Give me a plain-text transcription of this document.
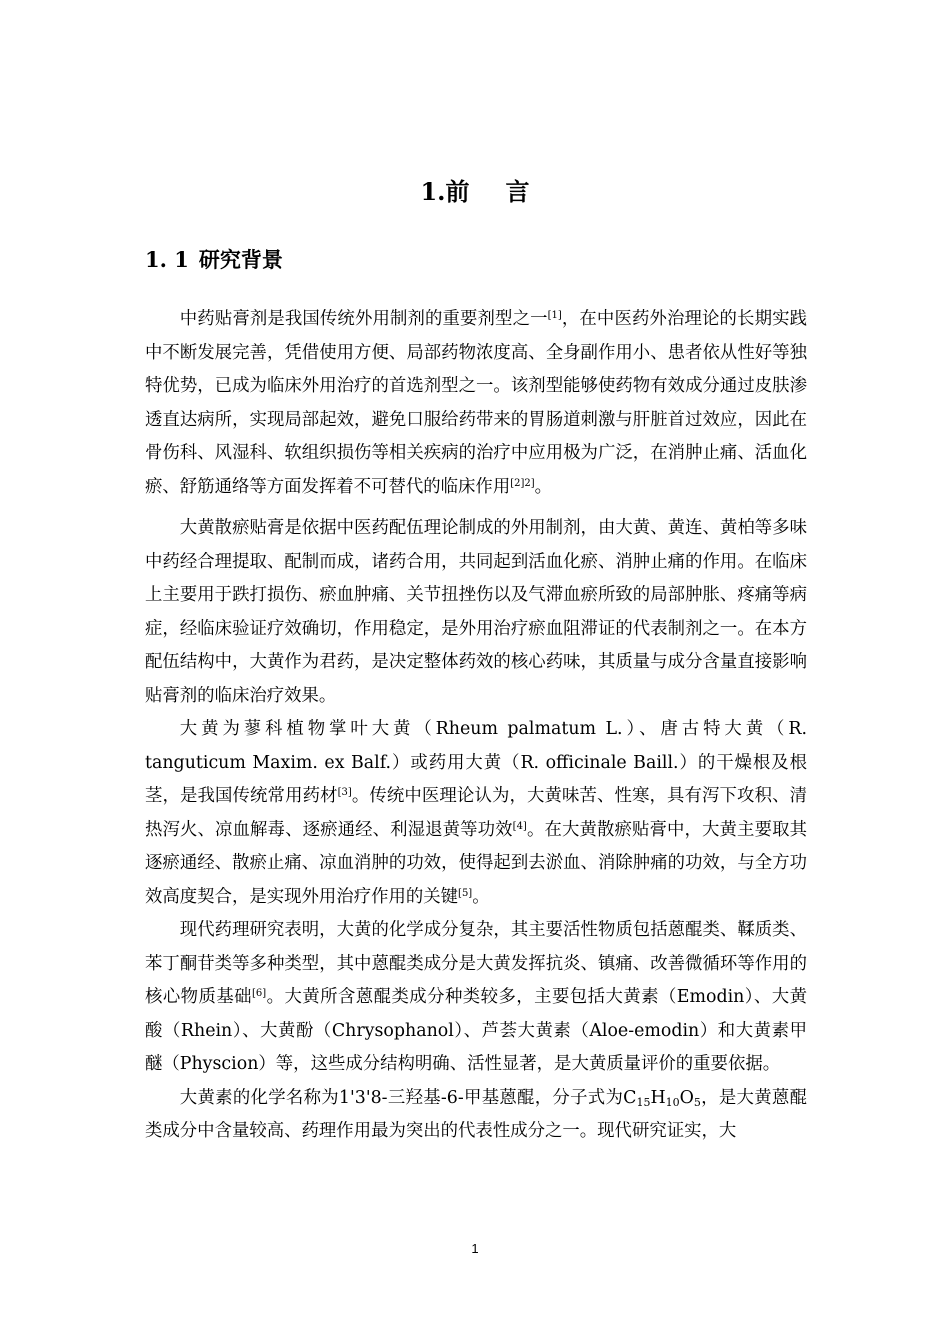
1.前 言
1. 1 研究背景

中药贴膏剂是我国传统外用制剂的重要剂型之一[1]，在中医药外治理论的长期实践中不断发展完善，凭借使用方便、局部药物浓度高、全身副作用小、患者依从性好等独特优势，已成为临床外用治疗的首选剂型之一。该剂型能够使药物有效成分通过皮肤渗透直达病所，实现局部起效，避免口服给药带来的胃肠道刺激与肝脏首过效应，因此在骨伤科、风湿科、软组织损伤等相关疾病的治疗中应用极为广泛，在消肿止痛、活血化瘀、舒筋通络等方面发挥着不可替代的临床作用[2]2]。

大黄散瘀贴膏是依据中医药配伍理论制成的外用制剂，由大黄、黄连、黄柏等多味中药经合理提取、配制而成，诸药合用，共同起到活血化瘀、消肿止痛的作用。在临床上主要用于跌打损伤、瘀血肿痛、关节扭挫伤以及气滞血瘀所致的局部肿胀、疼痛等病症，经临床验证疗效确切，作用稳定，是外用治疗瘀血阻滞证的代表制剂之一。在本方配伍结构中，大黄作为君药，是决定整体药效的核心药味，其质量与成分含量直接影响贴膏剂的临床治疗效果。

大黄为蓼科植物掌叶大黄（Rheum palmatum L.）、唐古特大黄（R. tanguticum Maxim. ex Balf.）或药用大黄（R. officinale Baill.）的干燥根及根茎，是我国传统常用药材[3]。传统中医理论认为，大黄味苦、性寒，具有泻下攻积、清热泻火、凉血解毒、逐瘀通经、利湿退黄等功效[4]。在大黄散瘀贴膏中，大黄主要取其逐瘀通经、散瘀止痛、凉血消肿的功效，使得起到去淤血、消除肿痛的功效，与全方功效高度契合，是实现外用治疗作用的关键[5]。

现代药理研究表明，大黄的化学成分复杂，其主要活性物质包括蒽醌类、鞣质类、苯丁酮苷类等多种类型，其中蒽醌类成分是大黄发挥抗炎、镇痛、改善微循环等作用的核心物质基础[6]。大黄所含蒽醌类成分种类较多，主要包括大黄素（Emodin）、大黄酸（Rhein）、大黄酚（Chrysophanol）、芦荟大黄素（Aloe-emodin）和大黄素甲醚（Physcion）等，这些成分结构明确、活性显著，是大黄质量评价的重要依据。

大黄素的化学名称为1'3'8-三羟基-6-甲基蒽醌，分子式为$C_{15}H_{10}O_5$，是大黄蒽醌类成分中含量较高、药理作用最为突出的代表性成分之一。现代研究证实，大

1
